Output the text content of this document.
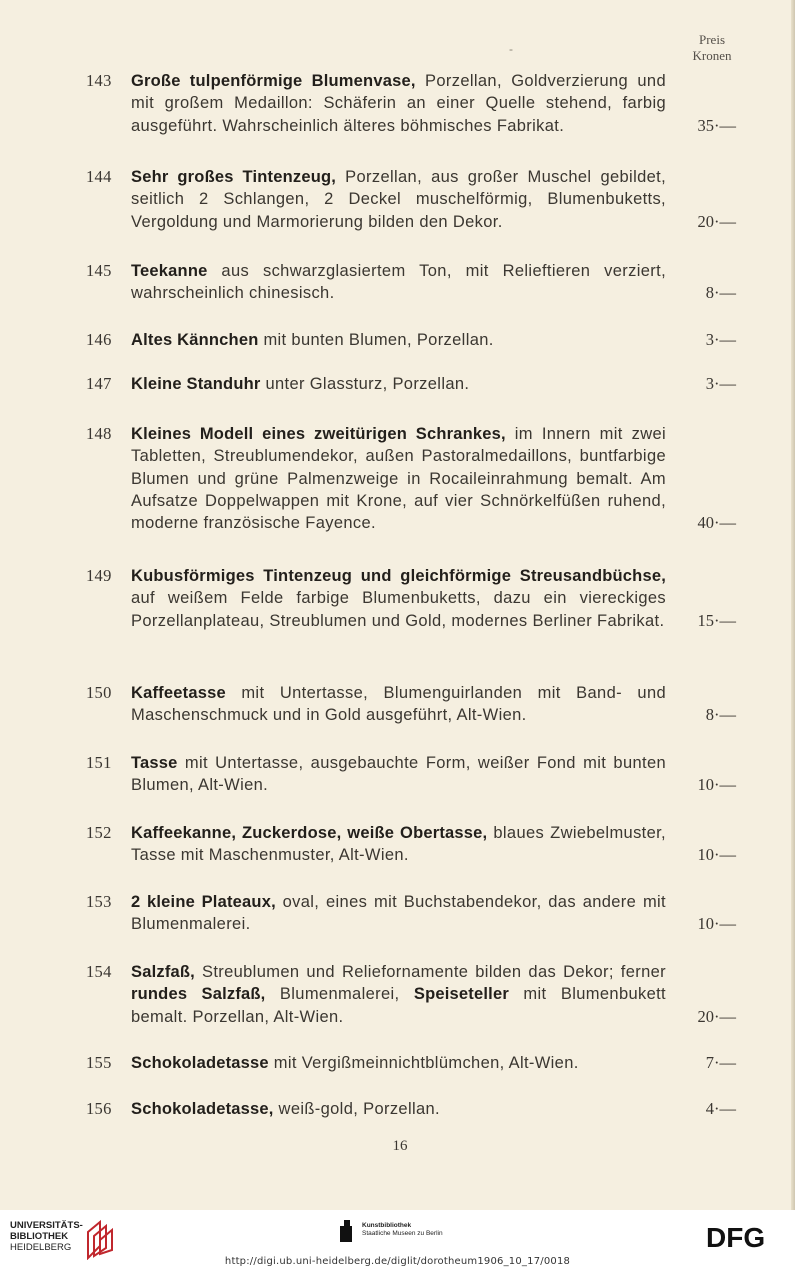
-
Preis
Kronen
143	Große tulpenförmige Blumenvase, Porzellan, Goldverzierung und mit großem Medaillon: Schäferin an einer Quelle stehend, farbig ausgeführt. Wahrscheinlich älteres böhmisches Fabrikat.	35·—
144	Sehr großes Tintenzeug, Porzellan, aus großer Muschel gebildet, seitlich 2 Schlangen, 2 Deckel muschelförmig, Blumenbuketts, Vergoldung und Marmorierung bilden den Dekor.	20·—
145	Teekanne aus schwarzglasiertem Ton, mit Relieftieren verziert, wahrscheinlich chinesisch.	8·—
146	Altes Kännchen mit bunten Blumen, Porzellan.	3·—
147	Kleine Standuhr unter Glassturz, Porzellan.	3·—
148	Kleines Modell eines zweitürigen Schrankes, im Innern mit zwei Tabletten, Streublumendekor, außen Pastoralmedaillons, buntfarbige Blumen und grüne Palmenzweige in Rocaileinrahmung bemalt. Am Aufsatze Doppelwappen mit Krone, auf vier Schnörkelfüßen ruhend, moderne französische Fayence.	40·—
149	Kubusförmiges Tintenzeug und gleichförmige Streusandbüchse, auf weißem Felde farbige Blumenbuketts, dazu ein viereckiges Porzellanplateau, Streublumen und Gold, modernes Berliner Fabrikat. 15·—
150	Kaffeetasse mit Untertasse, Blumenguirlanden mit Band- und Maschenschmuck und in Gold ausgeführt, Alt-Wien.	8·—
151	Tasse mit Untertasse, ausgebauchte Form, weißer Fond mit bunten Blumen, Alt-Wien.	10·—
152	Kaffeekanne, Zuckerdose, weiße Obertasse, blaues Zwiebelmuster, Tasse mit Maschenmuster, Alt-Wien.	10·—
153	2 kleine Plateaux, oval, eines mit Buchstabendekor, das andere mit Blumenmalerei.	10·—
154	Salzfaß, Streublumen und Reliefornamente bilden das Dekor; ferner rundes Salzfaß, Blumenmalerei, Speiseteller mit Blumenbukett bemalt. Porzellan, Alt-Wien.	20·—
155	Schokoladetasse mit Vergißmeinnichtblümchen, Alt-Wien.	7·—
156	Schokoladetasse, weiß-gold, Porzellan.	4·—
16
UNIVERSITÄTS-
BIBLIOTHEK
HEIDELBERG
Kunstbibliothek
Staatliche Museen zu Berlin	DFG
http://digi.ub.uni-heidelberg.de/diglit/dorotheum1906_10_17/0018
